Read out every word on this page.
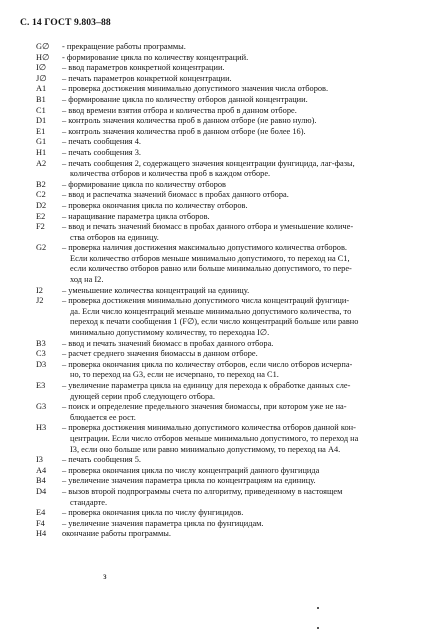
С. 14 ГОСТ 9.803–88
G∅ - прекращение работы программы.
H∅ - формирование цикла по количеству концентраций.
I∅ – ввод параметров конкретной концентрации.
J∅ – печать параметров конкретной концентрации.
A1 – проверка достижения минимально допустимого значения числа отборов.
B1 – формирование цикла по количеству отборов данной концентрации.
C1 – ввод времени взятия отбора и количества проб в данном отборе.
D1 – контроль значения количества проб в данном отборе (не равно нулю).
E1 – контроль значения количества проб в данном отборе (не более 16).
G1 – печать сообщения 4.
H1 – печать сообщения 3.
A2 – печать сообщения 2, содержащего значения концентрации фунгицида, лаг-фазы,
количества отборов и количества проб в каждом отборе.
B2 – формирование цикла по количеству отборов
C2 – ввод и распечатка значений биомасс в пробах данного отбора.
D2 – проверка окончания цикла по количеству отборов.
E2 – наращивание параметра цикла отборов.
F2 – ввод и печать значений биомасс в пробах данного отбора и уменьшение количе-
ства отборов на единицу.
G2 – проверка наличия достижения максимально допустимого количества отборов.
Если количество отборов меньше минимально допустимого, то переход на С1,
если количество отборов равно или больше минимально допустимого, то пере-
ход на I2.
I2 – уменьшение количества концентраций на единицу.
J2 – проверка достижения минимально допустимого числа концентраций фунгици-
да. Если число концентраций меньше минимально допустимого количества, то
переход к печати сообщения 1 (F∅), если число концентраций больше или равно
минимально допустимому количеству, то переходна I∅.
B3 – ввод и печать значений биомасс в пробах данного отбора.
C3 – расчет среднего значения биомассы в данном отборе.
D3 – проверка окончания цикла по количеству отборов, если число отборов исчерпа-
но, то переход на G3, если не исчерпано, то переход на С1.
E3 – увеличение параметра цикла на единицу для переходa к обработке данных сле-
дующей серии проб следующего отбора.
G3 – поиск и определение предельного значения биомассы, при котором уже не на-
блюдается ее рост.
H3 – проверка достижения минимально допустимого количества отборов данной кон-
центрации. Если число отборов меньше минимально допустимого, то переход на
I3, если оно больше или равно минимально допустимому, то переход на А4.
I3 – печать сообщения 5.
A4 – проверка окончания цикла по числу концентраций данного фунгицида
B4 – увеличение значения параметра цикла по концентрациям на единицу.
D4 – вызов второй подпрограммы счета по алгоритму, приведенному в настоящем
стандарте.
E4 – проверка окончания цикла по числу фунгицидов.
F4 – увеличение значения параметра цикла по фунгицидам.
H4 окончание работы программы.
з
